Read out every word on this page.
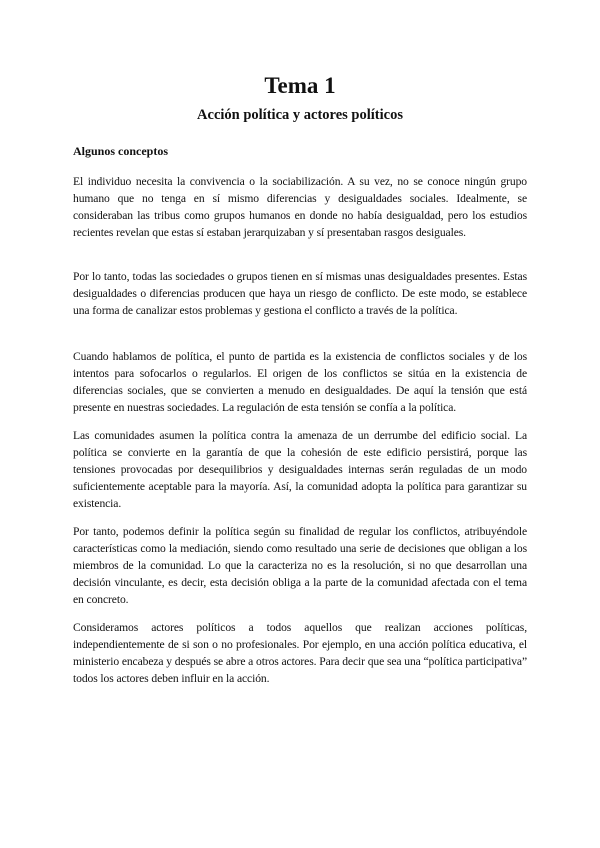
Tema 1
Acción política y actores políticos
Algunos conceptos

El individuo necesita la convivencia o la sociabilización. A su vez, no se conoce ningún grupo humano que no tenga en sí mismo diferencias y desigualdades sociales. Idealmente, se consideraban las tribus como grupos humanos en donde no había desigualdad, pero los estudios recientes revelan que estas sí estaban jerarquizaban y sí presentaban rasgos desiguales.

Por lo tanto, todas las sociedades o grupos tienen en sí mismas unas desigualdades presentes. Estas desigualdades o diferencias producen que haya un riesgo de conflicto. De este modo, se establece una forma de canalizar estos problemas y gestiona el conflicto a través de la política.

Cuando hablamos de política, el punto de partida es la existencia de conflictos sociales y de los intentos para sofocarlos o regularlos. El origen de los conflictos se sitúa en la existencia de diferencias sociales, que se convierten a menudo en desigualdades. De aquí la tensión que está presente en nuestras sociedades. La regulación de esta tensión se confía a la política.

Las comunidades asumen la política contra la amenaza de un derrumbe del edificio social. La política se convierte en la garantía de que la cohesión de este edificio persistirá, porque las tensiones provocadas por desequilibrios y desigualdades internas serán reguladas de un modo suficientemente aceptable para la mayoría. Así, la comunidad adopta la política para garantizar su existencia.

Por tanto, podemos definir la política según su finalidad de regular los conflictos, atribuyéndole características como la mediación, siendo como resultado una serie de decisiones que obligan a los miembros de la comunidad. Lo que la caracteriza no es la resolución, si no que desarrollan una decisión vinculante, es decir, esta decisión obliga a la parte de la comunidad afectada con el tema en concreto.

Consideramos actores políticos a todos aquellos que realizan acciones políticas, independientemente de si son o no profesionales. Por ejemplo, en una acción política educativa, el ministerio encabeza y después se abre a otros actores. Para decir que sea una “política participativa” todos los actores deben influir en la acción.
